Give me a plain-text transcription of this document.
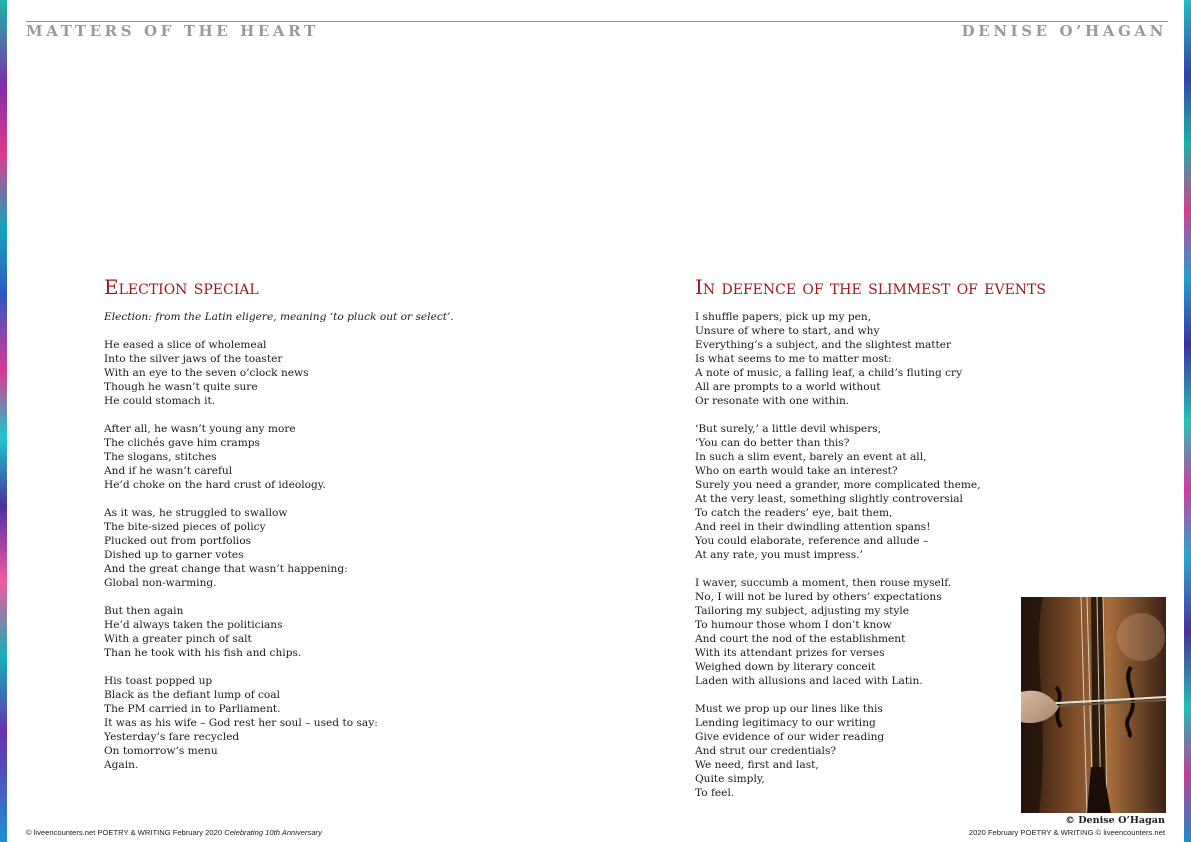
MATTERS OF THE HEART	DENISE O’HAGAN

Election special

Election: from the Latin eligere, meaning ‘to pluck out or select’.

He eased a slice of wholemeal
Into the silver jaws of the toaster
With an eye to the seven o’clock news
Though he wasn’t quite sure
He could stomach it.
After all, he wasn’t young any more
The clichés gave him cramps
The slogans, stitches
And if he wasn’t careful
He’d choke on the hard crust of ideology.
As it was, he struggled to swallow
The bite-sized pieces of policy
Plucked out from portfolios
Dished up to garner votes
And the great change that wasn’t happening:
Global non-warming.
But then again
He’d always taken the politicians
With a greater pinch of salt
Than he took with his fish and chips.
His toast popped up
Black as the defiant lump of coal
The PM carried in to Parliament.
It was as his wife – God rest her soul – used to say:
Yesterday’s fare recycled
On tomorrow’s menu
Again.
In defence of the slimmest of events
I shuffle papers, pick up my pen,
Unsure of where to start, and why
Everything’s a subject, and the slightest matter
Is what seems to me to matter most:
A note of music, a falling leaf, a child’s fluting cry
All are prompts to a world without
Or resonate with one within.
‘But surely,’ a little devil whispers,
‘You can do better than this?
In such a slim event, barely an event at all,
Who on earth would take an interest?
Surely you need a grander, more complicated theme,
At the very least, something slightly controversial
To catch the readers’ eye, bait them,
And reel in their dwindling attention spans!
You could elaborate, reference and allude –
At any rate, you must impress.’
I waver, succumb a moment, then rouse myself.
No, I will not be lured by others’ expectations
Tailoring my subject, adjusting my style
To humour those whom I don’t know
And court the nod of the establishment
With its attendant prizes for verses
Weighed down by literary conceit
Laden with allusions and laced with Latin.
Must we prop up our lines like this
Lending legitimacy to our writing
Give evidence of our wider reading
And strut our credentials?
We need, first and last,
Quite simply,
To feel.

© Denise O’Hagan

© liveencounters.net POETRY & WRITING February 2020 Celebrating 10th Anniversary	2020 February POETRY & WRITING © liveencounters.net
